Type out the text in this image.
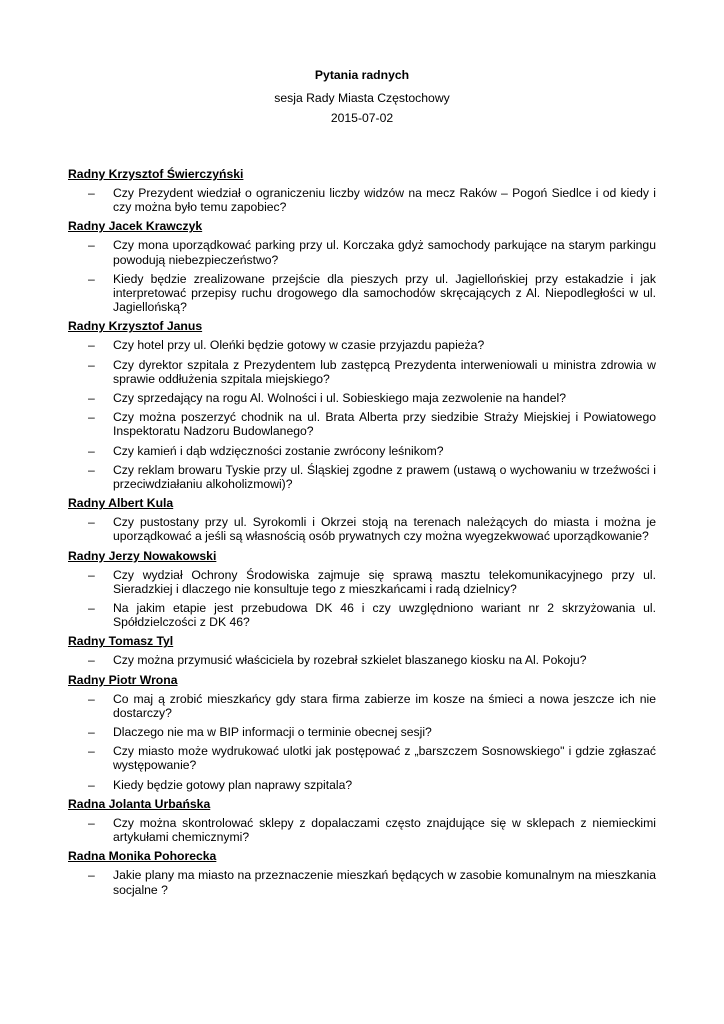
Pytania radnych
sesja Rady Miasta Częstochowy
2015-07-02
Radny Krzysztof Świerczyński
– Czy Prezydent wiedział o ograniczeniu liczby widzów na mecz Raków – Pogoń Siedlce i od kiedy i czy można było temu zapobiec?
Radny Jacek Krawczyk
– Czy mona uporządkować parking przy ul. Korczaka gdyż samochody parkujące na starym parkingu powodują niebezpieczeństwo?
– Kiedy będzie zrealizowane przejście dla pieszych przy ul. Jagiellońskiej przy estakadzie i jak interpretować przepisy ruchu drogowego dla samochodów skręcających z Al. Niepodległości w ul. Jagiellońską?
Radny Krzysztof Janus
– Czy hotel przy ul. Oleńki będzie gotowy w czasie przyjazdu papieża?
– Czy dyrektor szpitala z Prezydentem lub zastępcą Prezydenta interweniowali u ministra zdrowia w sprawie oddłużenia szpitala miejskiego?
– Czy sprzedający na rogu Al. Wolności i ul. Sobieskiego maja zezwolenie na handel?
– Czy można poszerzyć chodnik na ul. Brata Alberta przy siedzibie Straży Miejskiej i Powiatowego Inspektoratu Nadzoru Budowlanego?
– Czy kamień i dąb wdzięczności zostanie zwrócony leśnikom?
– Czy reklam browaru Tyskie przy ul. Śląskiej zgodne z prawem (ustawą o wychowaniu w trzeźwości i przeciwdziałaniu alkoholizmowi)?
Radny Albert Kula
– Czy pustostany przy ul. Syrokomli i Okrzei stoją na terenach należących do miasta i można je uporządkować a jeśli są własnością osób prywatnych czy można wyegzekwować uporządkowanie?
Radny Jerzy Nowakowski
– Czy wydział Ochrony Środowiska zajmuje się sprawą masztu telekomunikacyjnego przy ul. Sieradzkiej i dlaczego nie konsultuje tego z mieszkańcami i radą dzielnicy?
– Na jakim etapie jest przebudowa DK 46 i czy uwzględniono wariant nr 2 skrzyżowania ul. Spółdzielczości z DK 46?
Radny Tomasz Tyl
– Czy można przymusić właściciela by rozebrał szkielet blaszanego kiosku na Al. Pokoju?
Radny Piotr Wrona
– Co maj ą zrobić mieszkańcy gdy stara firma zabierze im kosze na śmieci a nowa jeszcze ich nie dostarczy?
– Dlaczego nie ma w BIP informacji o terminie obecnej sesji?
– Czy miasto może wydrukować ulotki jak postępować z „barszczem Sosnowskiego" i gdzie zgłaszać występowanie?
– Kiedy będzie gotowy plan naprawy szpitala?
Radna Jolanta Urbańska
– Czy można skontrolować sklepy z dopalaczami często znajdujące się w sklepach z niemieckimi artykułami chemicznymi?
Radna Monika Pohorecka
– Jakie plany ma miasto na przeznaczenie mieszkań będących w zasobie komunalnym na mieszkania socjalne ?
